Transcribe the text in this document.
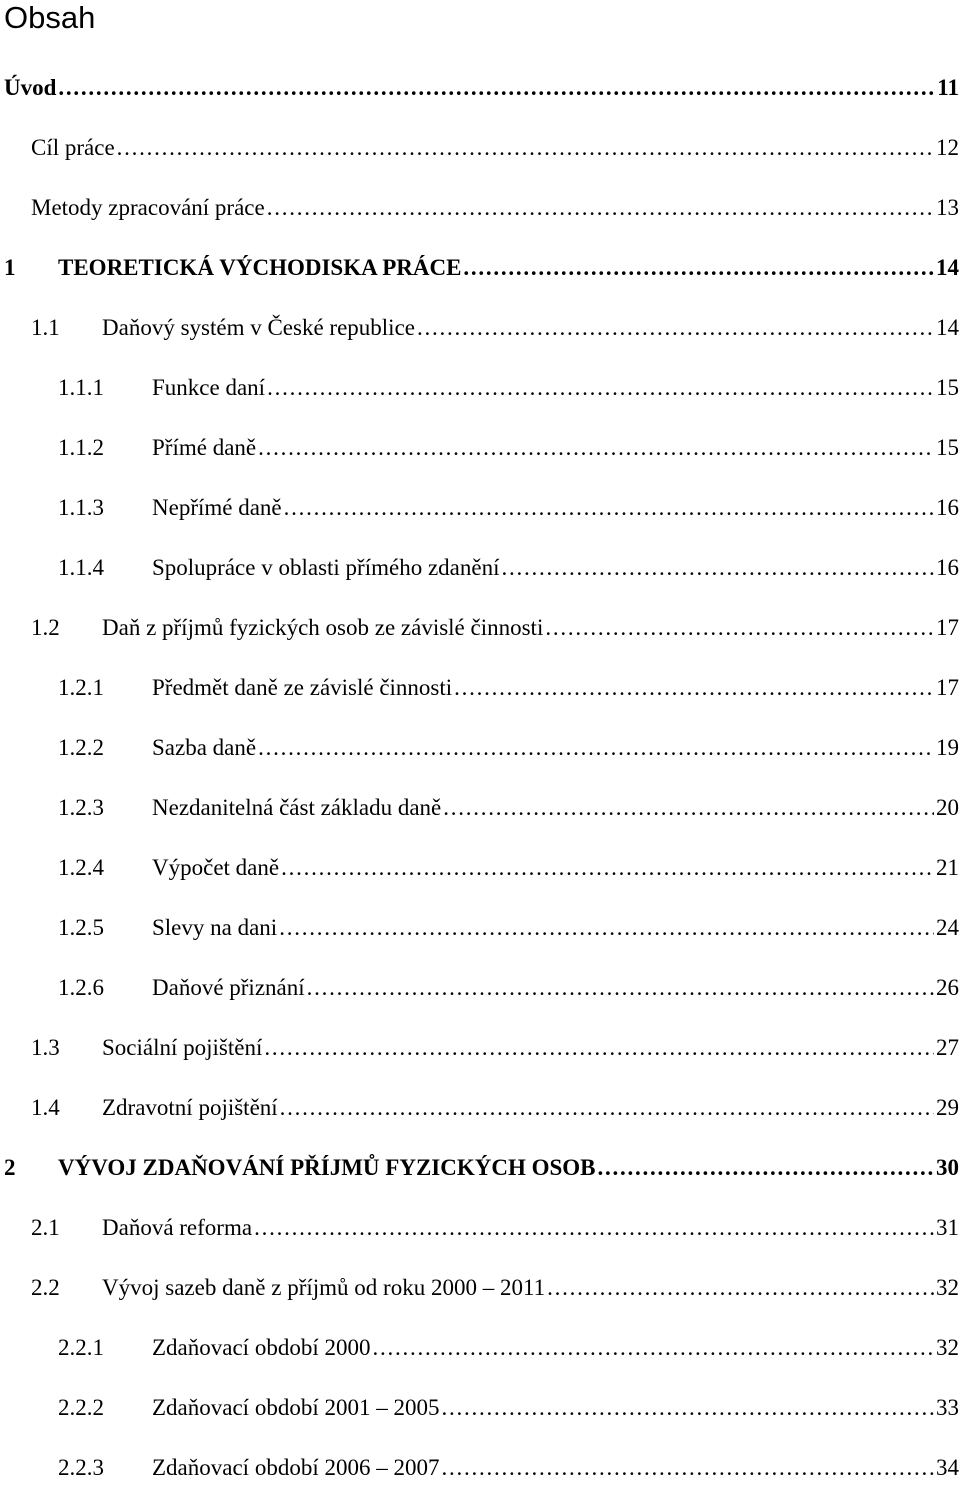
Obsah
Úvod . . .	11
Cíl práce . . .	12
Metody zpracování práce . . .	13
1	TEORETICKÁ VÝCHODISKA PRÁCE . . .	14
1.1	Daňový systém v České republice . . .	14
1.1.1	Funkce daní . . .	15
1.1.2	Přímé daně . . .	15
1.1.3	Nepřímé daně . . .	16
1.1.4	Spolupráce v oblasti přímého zdanění . . .	16
1.2	Daň z příjmů fyzických osob ze závislé činnosti . . .	17
1.2.1	Předmět daně ze závislé činnosti . . .	17
1.2.2	Sazba daně . . .	19
1.2.3	Nezdanitelná část základu daně . . .	20
1.2.4	Výpočet daně . . .	21
1.2.5	Slevy na dani . . .	24
1.2.6	Daňové přiznání . . .	26
1.3	Sociální pojištění . . .	27
1.4	Zdravotní pojištění . . .	29
2	VÝVOJ ZDAŇOVÁNÍ PŘÍJMŮ FYZICKÝCH OSOB . . .	30
2.1	Daňová reforma . . .	31
2.2	Vývoj sazeb daně z příjmů od roku 2000 – 2011 . . .	32
2.2.1	Zdaňovací období 2000 . . .	32
2.2.2	Zdaňovací období 2001 – 2005 . . .	33
2.2.3	Zdaňovací období 2006 – 2007 . . .	34
